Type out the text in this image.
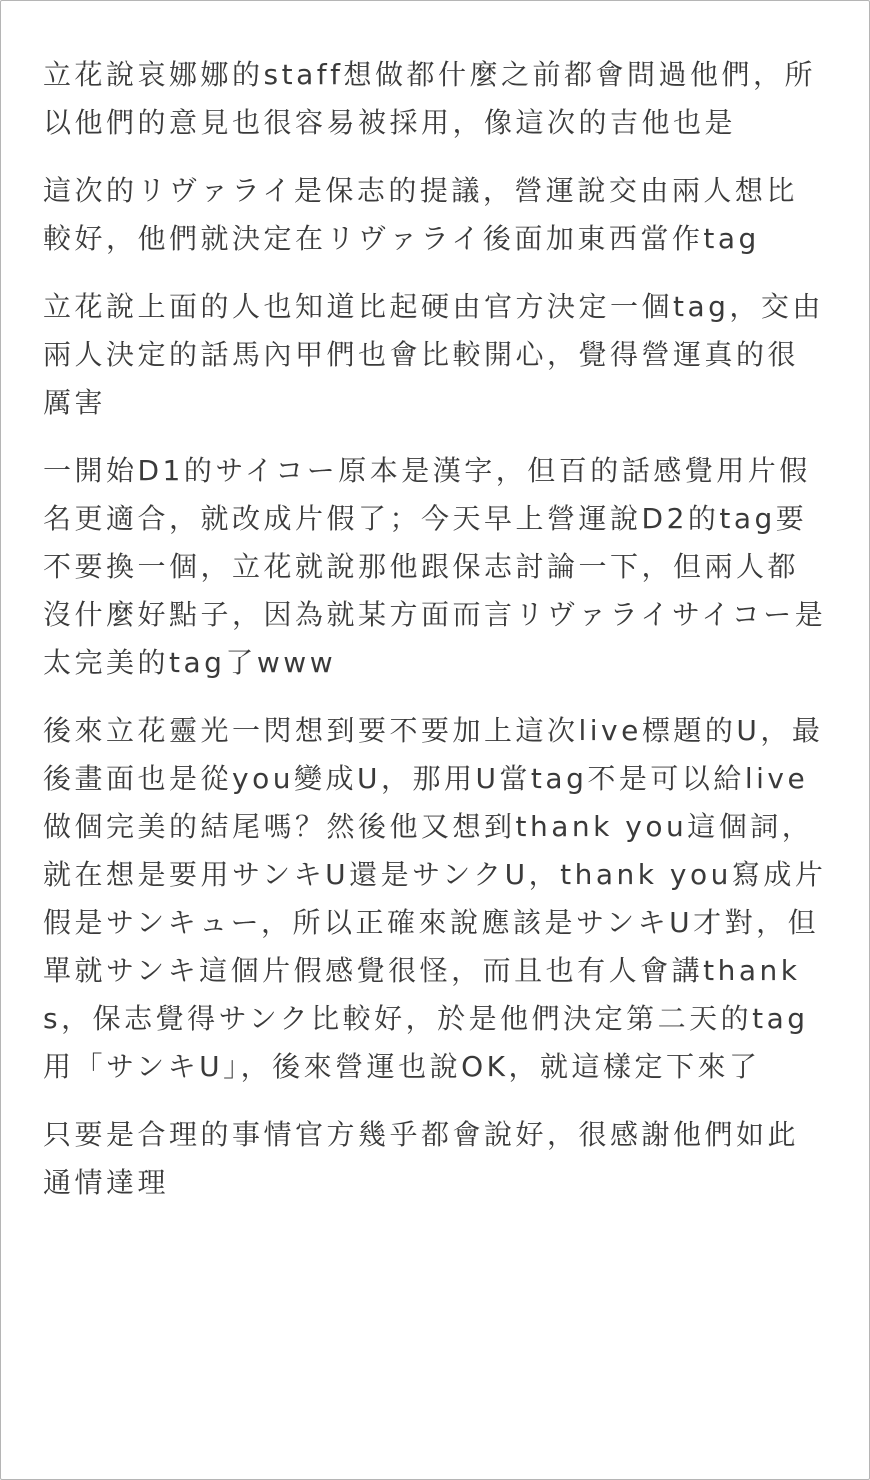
立花說哀娜娜的staff想做都什麼之前都會問過他們，所以他們的意見也很容易被採用，像這次的吉他也是

這次的リヴァライ是保志的提議，營運說交由兩人想比較好，他們就決定在リヴァライ後面加東西當作tag

立花說上面的人也知道比起硬由官方決定一個tag，交由兩人決定的話馬內甲們也會比較開心，覺得營運真的很厲害

一開始D1的サイコー原本是漢字，但百的話感覺用片假名更適合，就改成片假了；今天早上營運說D2的tag要不要換一個，立花就說那他跟保志討論一下，但兩人都沒什麼好點子，因為就某方面而言リヴァライサイコー是太完美的tag了www

後來立花靈光一閃想到要不要加上這次live標題的U，最後畫面也是從you變成U，那用U當tag不是可以給live做個完美的結尾嗎？然後他又想到thank you這個詞，就在想是要用サンキU還是サンクU，thank you寫成片假是サンキュー，所以正確來說應該是サンキU才對，但單就サンキ這個片假感覺很怪，而且也有人會講thanks，保志覺得サンク比較好，於是他們決定第二天的tag用「サンキU」，後來營運也說OK，就這樣定下來了

只要是合理的事情官方幾乎都會說好，很感謝他們如此通情達理
